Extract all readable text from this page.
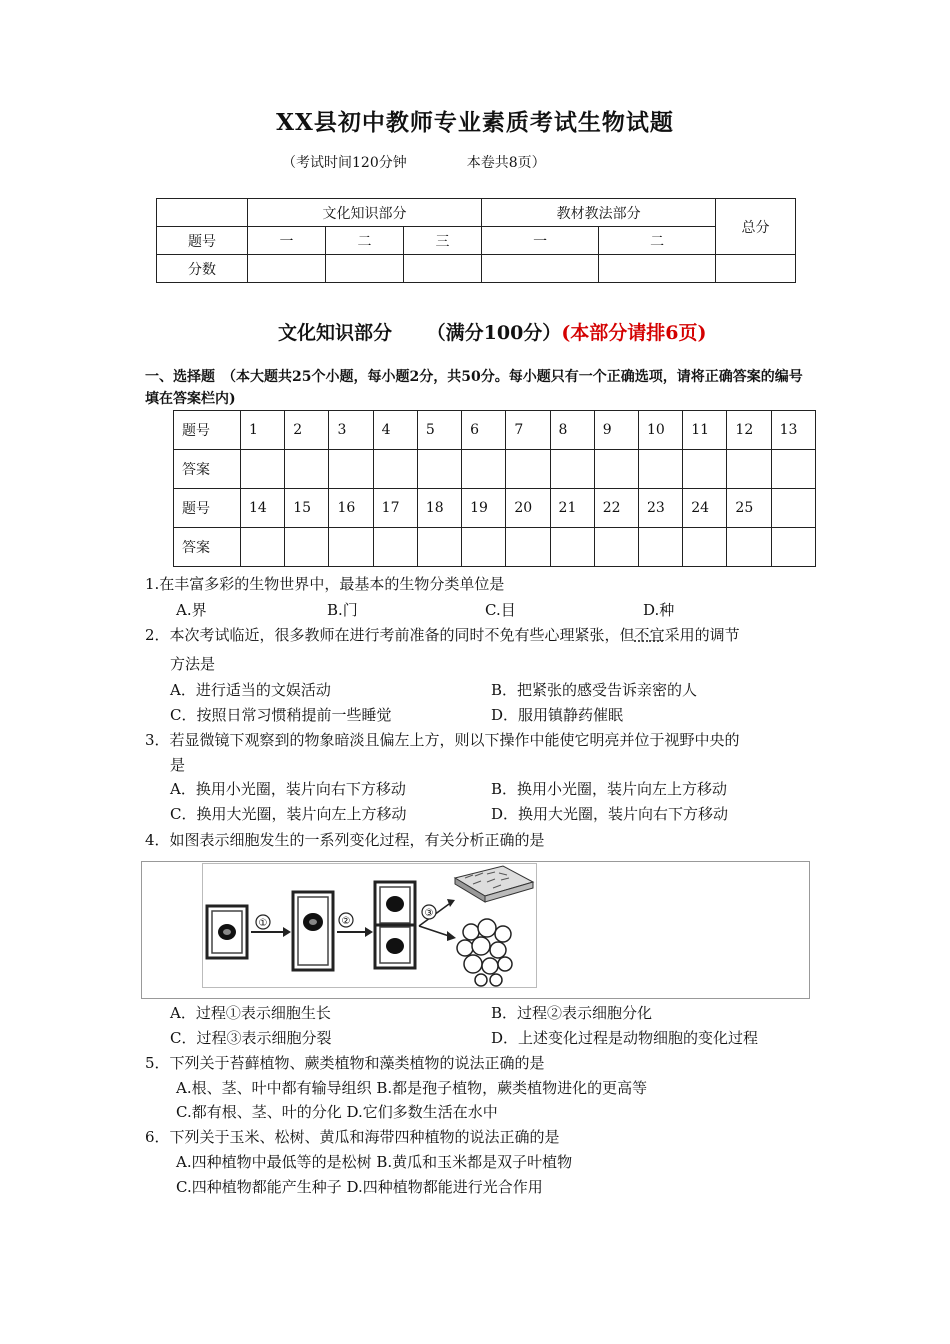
XX县初中教师专业素质考试生物试题
（考试时间120分钟	本卷共8页）
	文化知识部分			教材教法部分		总分
题号	一	二	三	一	二	
分数						
文化知识部分 （满分100分）(本部分请排6页)
一、选择题　（本大题共25个小题，每小题2分，共50分。每小题只有一个正确选项，请将正确答案的编号填在答案栏内)
题号	1	2	3	4	5	6	7	8	9	10	11	12	13
答案													
题号	14	15	16	17	18	19	20	21	22	23	24	25	
答案													
1.在丰富多彩的生物世界中，最基本的生物分类单位是
A.界	B.门	C.目	D.种
2．本次考试临近，很多教师在进行考前准备的同时不免有些心理紧张，但不宜采用的调节
方法是
A．进行适当的文娱活动	B．把紧张的感受告诉亲密的人
C．按照日常习惯稍提前一些睡觉	D．服用镇静药催眠
3．若显微镜下观察到的物象暗淡且偏左上方，则以下操作中能使它明亮并位于视野中央的
是
A．换用小光圈，装片向右下方移动	B．换用小光圈，装片向左上方移动
C．换用大光圈，装片向左上方移动	D．换用大光圈，装片向右下方移动
4．如图表示细胞发生的一系列变化过程，有关分析正确的是
①	②
③
A．过程①表示细胞生长	B．过程②表示细胞分化
C．过程③表示细胞分裂	D．上述变化过程是动物细胞的变化过程
5．下列关于苔藓植物、蕨类植物和藻类植物的说法正确的是
A.根、茎、叶中都有输导组织 B.都是孢子植物，蕨类植物进化的更高等
C.都有根、茎、叶的分化 D.它们多数生活在水中
6．下列关于玉米、松树、黄瓜和海带四种植物的说法正确的是
A.四种植物中最低等的是松树 B.黄瓜和玉米都是双子叶植物
C.四种植物都能产生种子 D.四种植物都能进行光合作用
